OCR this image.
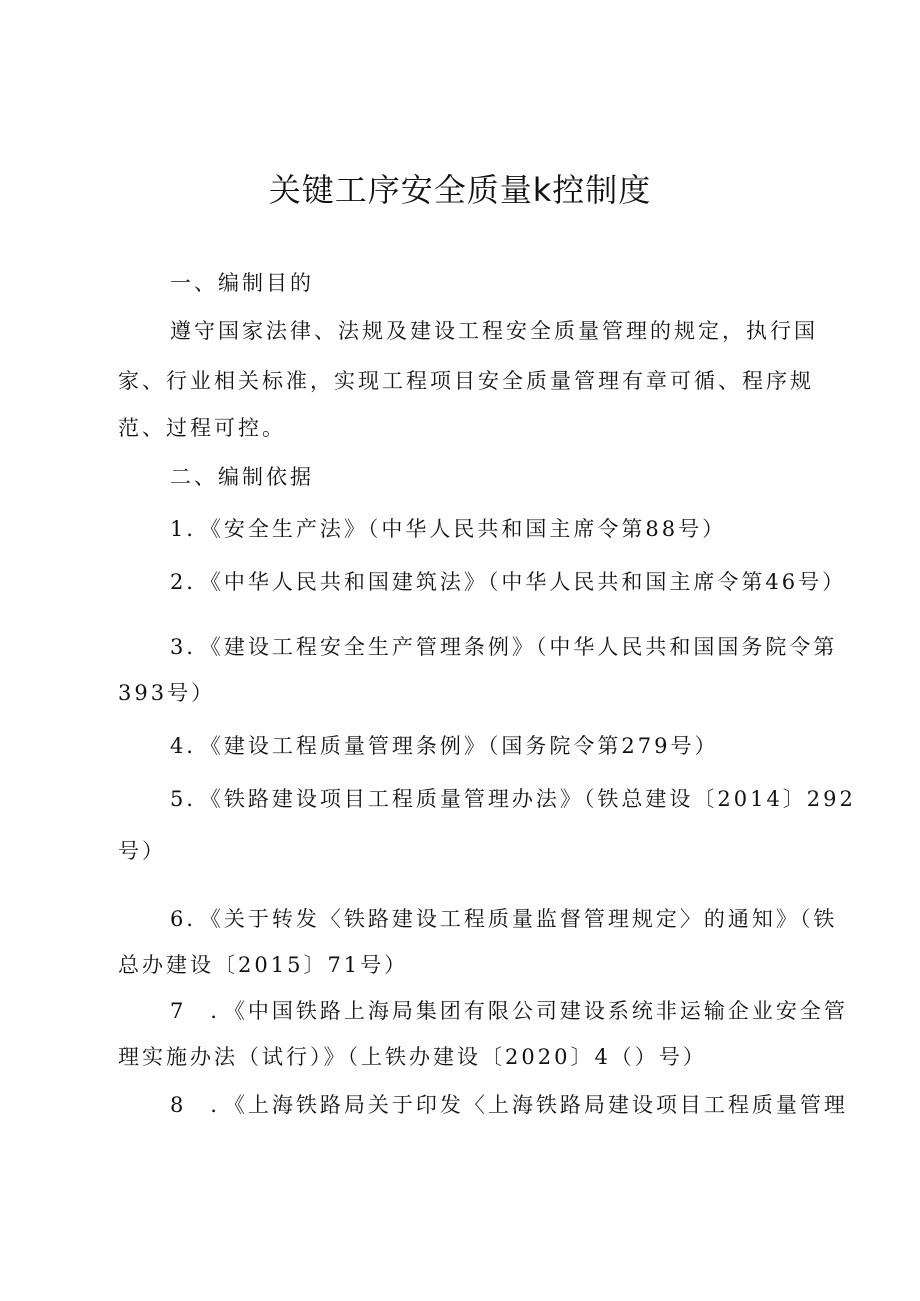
关键工序安全质量k控制度
一、编制目的
遵守国家法律、法规及建设工程安全质量管理的规定，执行国
家、行业相关标准，实现工程项目安全质量管理有章可循、程序规
范、过程可控。
二、编制依据
1．《安全生产法》（中华人民共和国主席令第88号）
2．《中华人民共和国建筑法》（中华人民共和国主席令第46号）
3．《建设工程安全生产管理条例》（中华人民共和国国务院令第
393号）
4．《建设工程质量管理条例》（国务院令第279号）
5．《铁路建设项目工程质量管理办法》（铁总建设〔2014〕292
号）
6．《关于转发〈铁路建设工程质量监督管理规定〉的通知》（铁
总办建设〔2015〕71号）
7　．《中国铁路上海局集团有限公司建设系统非运输企业安全管
理实施办法（试行）》（上铁办建设〔2020〕4（）号）
8　．《上海铁路局关于印发〈上海铁路局建设项目工程质量管理
